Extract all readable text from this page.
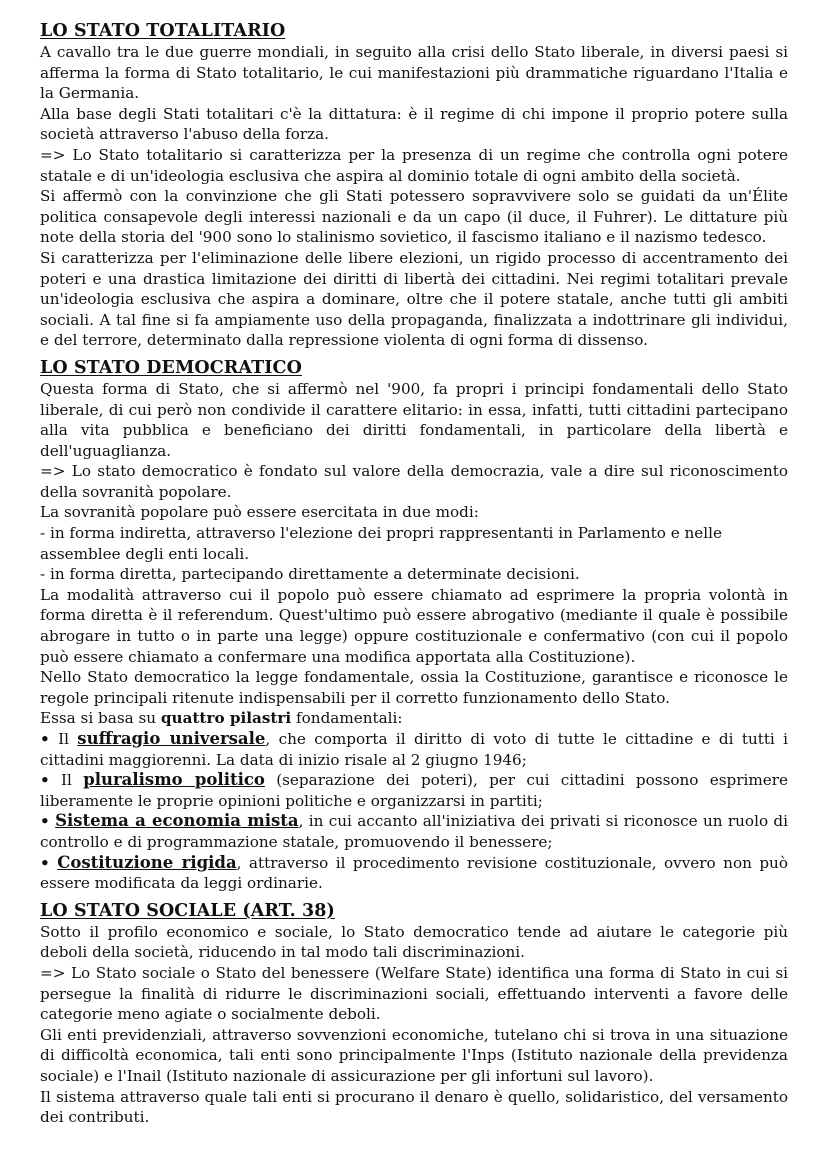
LO STATO TOTALITARIO

A cavallo tra le due guerre mondiali, in seguito alla crisi dello Stato liberale, in diversi paesi si afferma la forma di Stato totalitario, le cui manifestazioni più drammatiche riguardano l'Italia e la Germania.

Alla base degli Stati totalitari c'è la dittatura: è il regime di chi impone il proprio potere sulla società attraverso l'abuso della forza.

=> Lo Stato totalitario si caratterizza per la presenza di un regime che controlla ogni potere statale e di un'ideologia esclusiva che aspira al dominio totale di ogni ambito della società.

Si affermò con la convinzione che gli Stati potessero sopravvivere solo se guidati da un'Élite politica consapevole degli interessi nazionali e da un capo (il duce, il Fuhrer). Le dittature più note della storia del '900 sono lo stalinismo sovietico, il fascismo italiano e il nazismo tedesco.

Si caratterizza per l'eliminazione delle libere elezioni, un rigido processo di accentramento dei poteri e una drastica limitazione dei diritti di libertà dei cittadini. Nei regimi totalitari prevale un'ideologia esclusiva che aspira a dominare, oltre che il potere statale, anche tutti gli ambiti sociali. A tal fine si fa ampiamente uso della propaganda, finalizzata a indottrinare gli individui, e del terrore, determinato dalla repressione violenta di ogni forma di dissenso.

LO STATO DEMOCRATICO

Questa forma di Stato, che si affermò nel '900, fa propri i principi fondamentali dello Stato liberale, di cui però non condivide il carattere elitario: in essa, infatti, tutti cittadini partecipano alla vita pubblica e beneficiano dei diritti fondamentali, in particolare della libertà e dell'uguaglianza.

=> Lo stato democratico è fondato sul valore della democrazia, vale a dire sul riconoscimento della sovranità popolare.

La sovranità popolare può essere esercitata in due modi:

- in forma indiretta, attraverso l'elezione dei propri rappresentanti in Parlamento e nelle

assemblee degli enti locali.

- in forma diretta, partecipando direttamente a determinate decisioni.

La modalità attraverso cui il popolo può essere chiamato ad esprimere la propria volontà in forma diretta è il referendum. Quest'ultimo può essere abrogativo (mediante il quale è possibile abrogare in tutto o in parte una legge) oppure costituzionale e confermativo (con cui il popolo può essere chiamato a confermare una modifica apportata alla Costituzione).

Nello Stato democratico la legge fondamentale, ossia la Costituzione, garantisce e riconosce le regole principali ritenute indispensabili per il corretto funzionamento dello Stato.

Essa si basa su quattro pilastri fondamentali:

• Il suffragio universale, che comporta il diritto di voto di tutte le cittadine e di tutti i cittadini maggiorenni. La data di inizio risale al 2 giugno 1946;

• Il pluralismo politico (separazione dei poteri), per cui cittadini possono esprimere liberamente le proprie opinioni politiche e organizzarsi in partiti;

• Sistema a economia mista, in cui accanto all'iniziativa dei privati si riconosce un ruolo di controllo e di programmazione statale, promuovendo il benessere;

• Costituzione rigida, attraverso il procedimento revisione costituzionale, ovvero non può essere modificata da leggi ordinarie.

LO STATO SOCIALE (ART. 38)

Sotto il profilo economico e sociale, lo Stato democratico tende ad aiutare le categorie più deboli della società, riducendo in tal modo tali discriminazioni.

=> Lo Stato sociale o Stato del benessere (Welfare State) identifica una forma di Stato in cui si persegue la finalità di ridurre le discriminazioni sociali, effettuando interventi a favore delle categorie meno agiate o socialmente deboli.

Gli enti previdenziali, attraverso sovvenzioni economiche, tutelano chi si trova in una situazione di difficoltà economica, tali enti sono principalmente l'Inps (Istituto nazionale della previdenza sociale) e l'Inail (Istituto nazionale di assicurazione per gli infortuni sul lavoro).

Il sistema attraverso quale tali enti si procurano il denaro è quello, solidaristico, del versamento dei contributi.
